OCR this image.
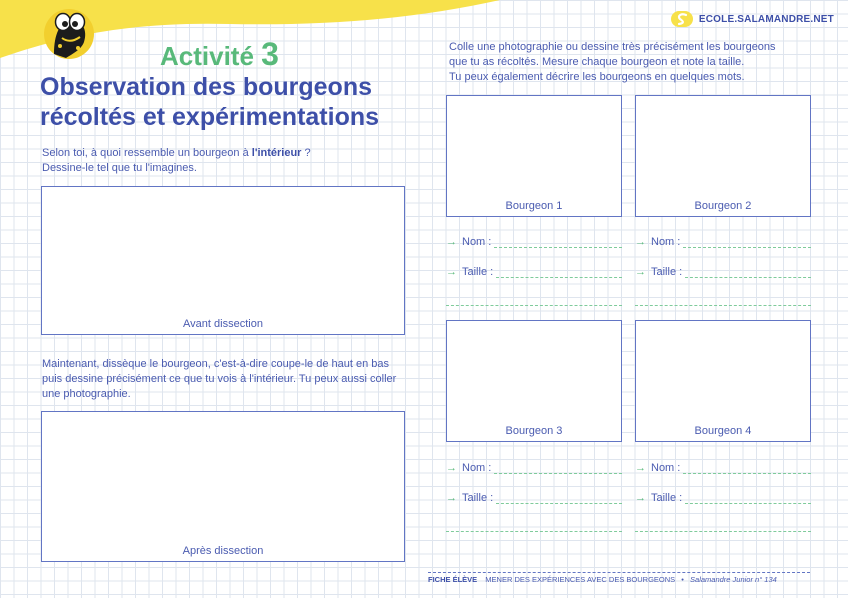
ECOLE.SALAMANDRE.NET
Activité 3
Observation des bourgeons
récoltés et expérimentations
Selon toi, à quoi ressemble un bourgeon à l'intérieur ?
Dessine-le tel que tu l'imagines.
Avant dissection
Maintenant, dissèque le bourgeon, c'est-à-dire coupe-le de haut en bas puis dessine précisément ce que tu vois à l'intérieur. Tu peux aussi coller une photographie.
Après dissection
Colle une photographie ou dessine très précisément les bourgeons
que tu as récoltés. Mesure chaque bourgeon et note la taille.
Tu peux également décrire les bourgeons en quelques mots.
Bourgeon 1
→ Nom :
→ Taille :
Bourgeon 2
→ Nom :
→ Taille :
Bourgeon 3
→ Nom :
→ Taille :
Bourgeon 4
→ Nom :
→ Taille :
FICHE ÉLÈVE MENER DES EXPÉRIENCES AVEC DES BOURGEONS • Salamandre Junior n° 134
